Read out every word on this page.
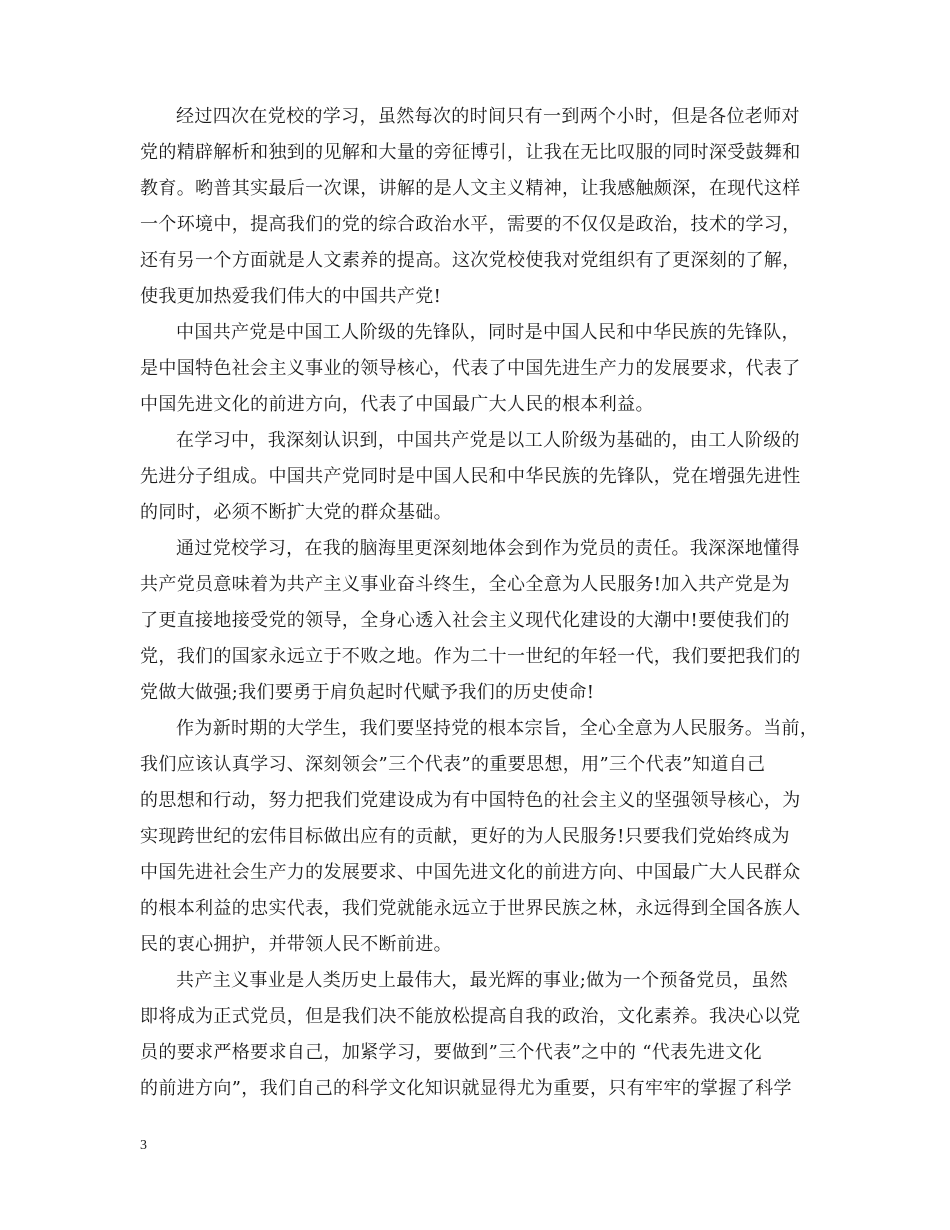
经过四次在党校的学习，虽然每次的时间只有一到两个小时，但是各位老师对
党的精辟解析和独到的见解和大量的旁征博引，让我在无比叹服的同时深受鼓舞和
教育。哟普其实最后一次课，讲解的是人文主义精神，让我感触颇深，在现代这样
一个环境中，提高我们的党的综合政治水平，需要的不仅仅是政治，技术的学习，
还有另一个方面就是人文素养的提高。这次党校使我对党组织有了更深刻的了解，
使我更加热爱我们伟大的中国共产党!
中国共产党是中国工人阶级的先锋队，同时是中国人民和中华民族的先锋队，
是中国特色社会主义事业的领导核心，代表了中国先进生产力的发展要求，代表了
中国先进文化的前进方向，代表了中国最广大人民的根本利益。
在学习中，我深刻认识到，中国共产党是以工人阶级为基础的，由工人阶级的
先进分子组成。中国共产党同时是中国人民和中华民族的先锋队，党在增强先进性
的同时，必须不断扩大党的群众基础。
通过党校学习，在我的脑海里更深刻地体会到作为党员的责任。我深深地懂得
共产党员意味着为共产主义事业奋斗终生，全心全意为人民服务!加入共产党是为
了更直接地接受党的领导，全身心透入社会主义现代化建设的大潮中!要使我们的
党，我们的国家永远立于不败之地。作为二十一世纪的年轻一代，我们要把我们的
党做大做强;我们要勇于肩负起时代赋予我们的历史使命!
作为新时期的大学生，我们要坚持党的根本宗旨，全心全意为人民服务。当前，
我们应该认真学习、深刻领会”三个代表”的重要思想，用”三个代表”知道自己
的思想和行动，努力把我们党建设成为有中国特色的社会主义的坚强领导核心，为
实现跨世纪的宏伟目标做出应有的贡献，更好的为人民服务!只要我们党始终成为
中国先进社会生产力的发展要求、中国先进文化的前进方向、中国最广大人民群众
的根本利益的忠实代表，我们党就能永远立于世界民族之林，永远得到全国各族人
民的衷心拥护，并带领人民不断前进。
共产主义事业是人类历史上最伟大，最光辉的事业;做为一个预备党员，虽然
即将成为正式党员，但是我们决不能放松提高自我的政治，文化素养。我决心以党
员的要求严格要求自己，加紧学习，要做到”三个代表”之中的 “代表先进文化
的前进方向”，我们自己的科学文化知识就显得尤为重要，只有牢牢的掌握了科学
3
